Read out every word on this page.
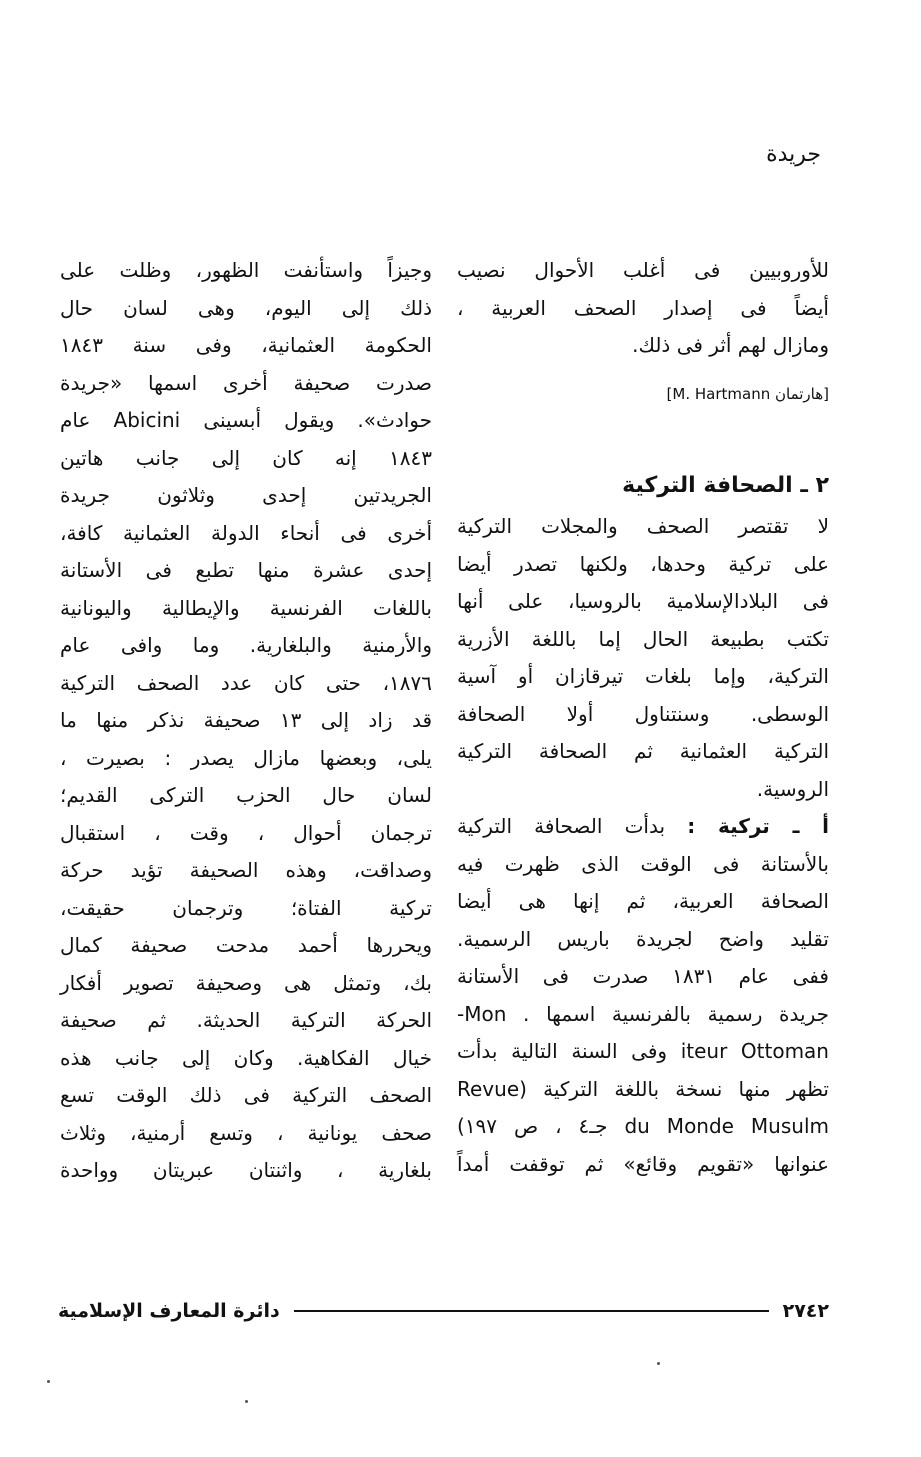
جريدة

للأوروبيين فى أغلب الأحوال نصيب
أيضاً فى إصدار الصحف العربية ،
ومازال لهم أثر فى ذلك.

[هارتمان M. Hartmann]
٢ ـ الصحافة التركية

لا تقتصر الصحف والمجلات التركية
على تركية وحدها، ولكنها تصدر أيضا
فى البلادالإسلامية بالروسيا، على أنها
تكتب بطبيعة الحال إما باللغة الأزرية
التركية، وإما بلغات تيرقازان أو آسية
الوسطى. وسنتناول أولا الصحافة
التركية العثمانية ثم الصحافة التركية
الروسية.

أ ـ تركية : بدأت الصحافة التركية
بالأستانة فى الوقت الذى ظهرت فيه
الصحافة العربية، ثم إنها هى أيضا
تقليد واضح لجريدة باريس الرسمية.
ففى عام ١٨٣١ صدرت فى الأستانة
جريدة رسمية بالفرنسية اسمها . Mon-
iteur Ottoman وفى السنة التالية بدأت
تظهر منها نسخة باللغة التركية (Revue
du Monde Musulm جـ٤ ، ص ١٩٧)
عنوانها «تقويم وقائع» ثم توقفت أمداً

وجيزاً واستأنفت الظهور، وظلت على
ذلك إلى اليوم، وهى لسان حال
الحكومة العثمانية، وفى سنة ١٨٤٣
صدرت صحيفة أخرى اسمها «جريدة
حوادث». ويقول أبسينى Abicini عام
١٨٤٣ إنه كان إلى جانب هاتين
الجريدتين إحدى وثلاثون جريدة
أخرى فى أنحاء الدولة العثمانية كافة،
إحدى عشرة منها تطبع فى الأستانة
باللغات الفرنسية والإيطالية واليونانية
والأرمنية والبلغارية. وما وافى عام
١٨٧٦، حتى كان عدد الصحف التركية
قد زاد إلى ١٣ صحيفة نذكر منها ما
يلى، وبعضها مازال يصدر : بصيرت ،
لسان حال الحزب التركى القديم؛
ترجمان أحوال ، وقت ، استقبال
وصداقت، وهذه الصحيفة تؤيد حركة
تركية الفتاة؛ وترجمان حقيقت،
ويحررها أحمد مدحت صحيفة كمال
بك، وتمثل هى وصحيفة تصوير أفكار
الحركة التركية الحديثة. ثم صحيفة
خيال الفكاهية. وكان إلى جانب هذه
الصحف التركية فى ذلك الوقت تسع
صحف يونانية ، وتسع أرمنية، وثلاث
بلغارية ، واثنتان عبريتان وواحدة

٢٧٤٢
دائرة المعارف الإسلامية
